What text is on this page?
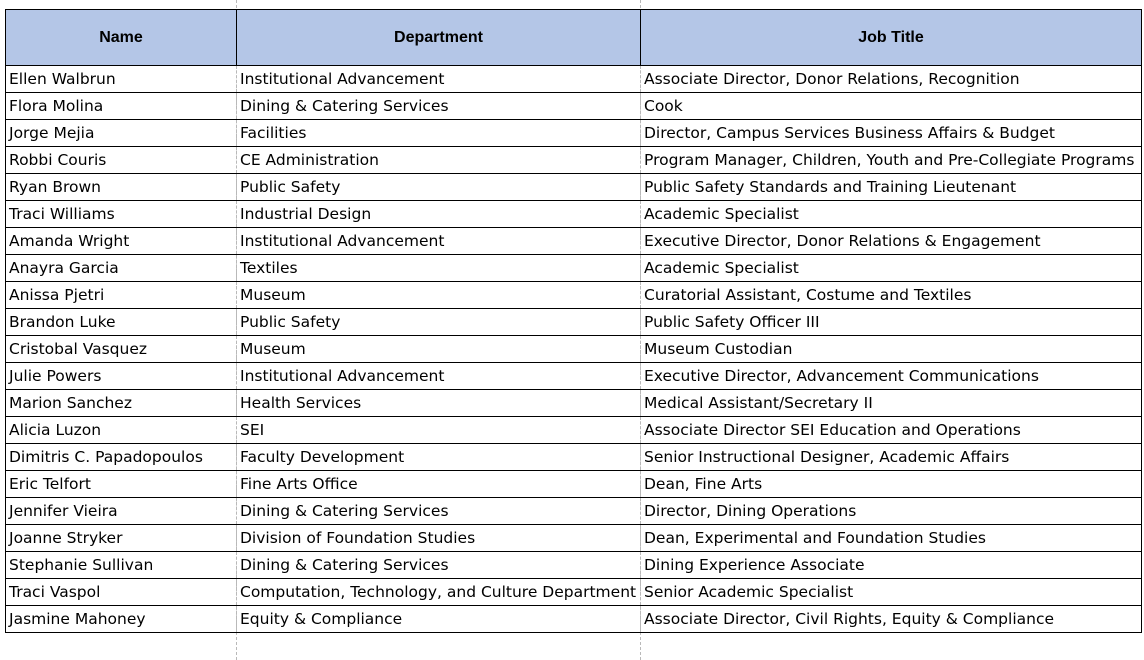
Name	Department	Job Title
Ellen Walbrun	Institutional Advancement	Associate Director, Donor Relations, Recognition
Flora Molina	Dining & Catering Services	Cook
Jorge Mejia	Facilities	Director, Campus Services Business Affairs & Budget
Robbi Couris	CE Administration	Program Manager, Children, Youth and Pre-Collegiate Programs
Ryan Brown	Public Safety	Public Safety Standards and Training Lieutenant
Traci Williams	Industrial Design	Academic Specialist
Amanda Wright	Institutional Advancement	Executive Director, Donor Relations & Engagement
Anayra Garcia	Textiles	Academic Specialist
Anissa Pjetri	Museum	Curatorial Assistant, Costume and Textiles
Brandon Luke	Public Safety	Public Safety Officer III
Cristobal Vasquez	Museum	Museum Custodian
Julie Powers	Institutional Advancement	Executive Director, Advancement Communications
Marion Sanchez	Health Services	Medical Assistant/Secretary II
Alicia Luzon	SEI	Associate Director SEI Education and Operations
Dimitris C. Papadopoulos	Faculty Development	Senior Instructional Designer, Academic Affairs
Eric Telfort	Fine Arts Office	Dean, Fine Arts
Jennifer Vieira	Dining & Catering Services	Director, Dining Operations
Joanne Stryker	Division of Foundation Studies	Dean, Experimental and Foundation Studies
Stephanie Sullivan	Dining & Catering Services	Dining Experience Associate
Traci Vaspol	Computation, Technology, and Culture Department	Senior Academic Specialist
Jasmine Mahoney	Equity & Compliance	Associate Director, Civil Rights, Equity & Compliance
